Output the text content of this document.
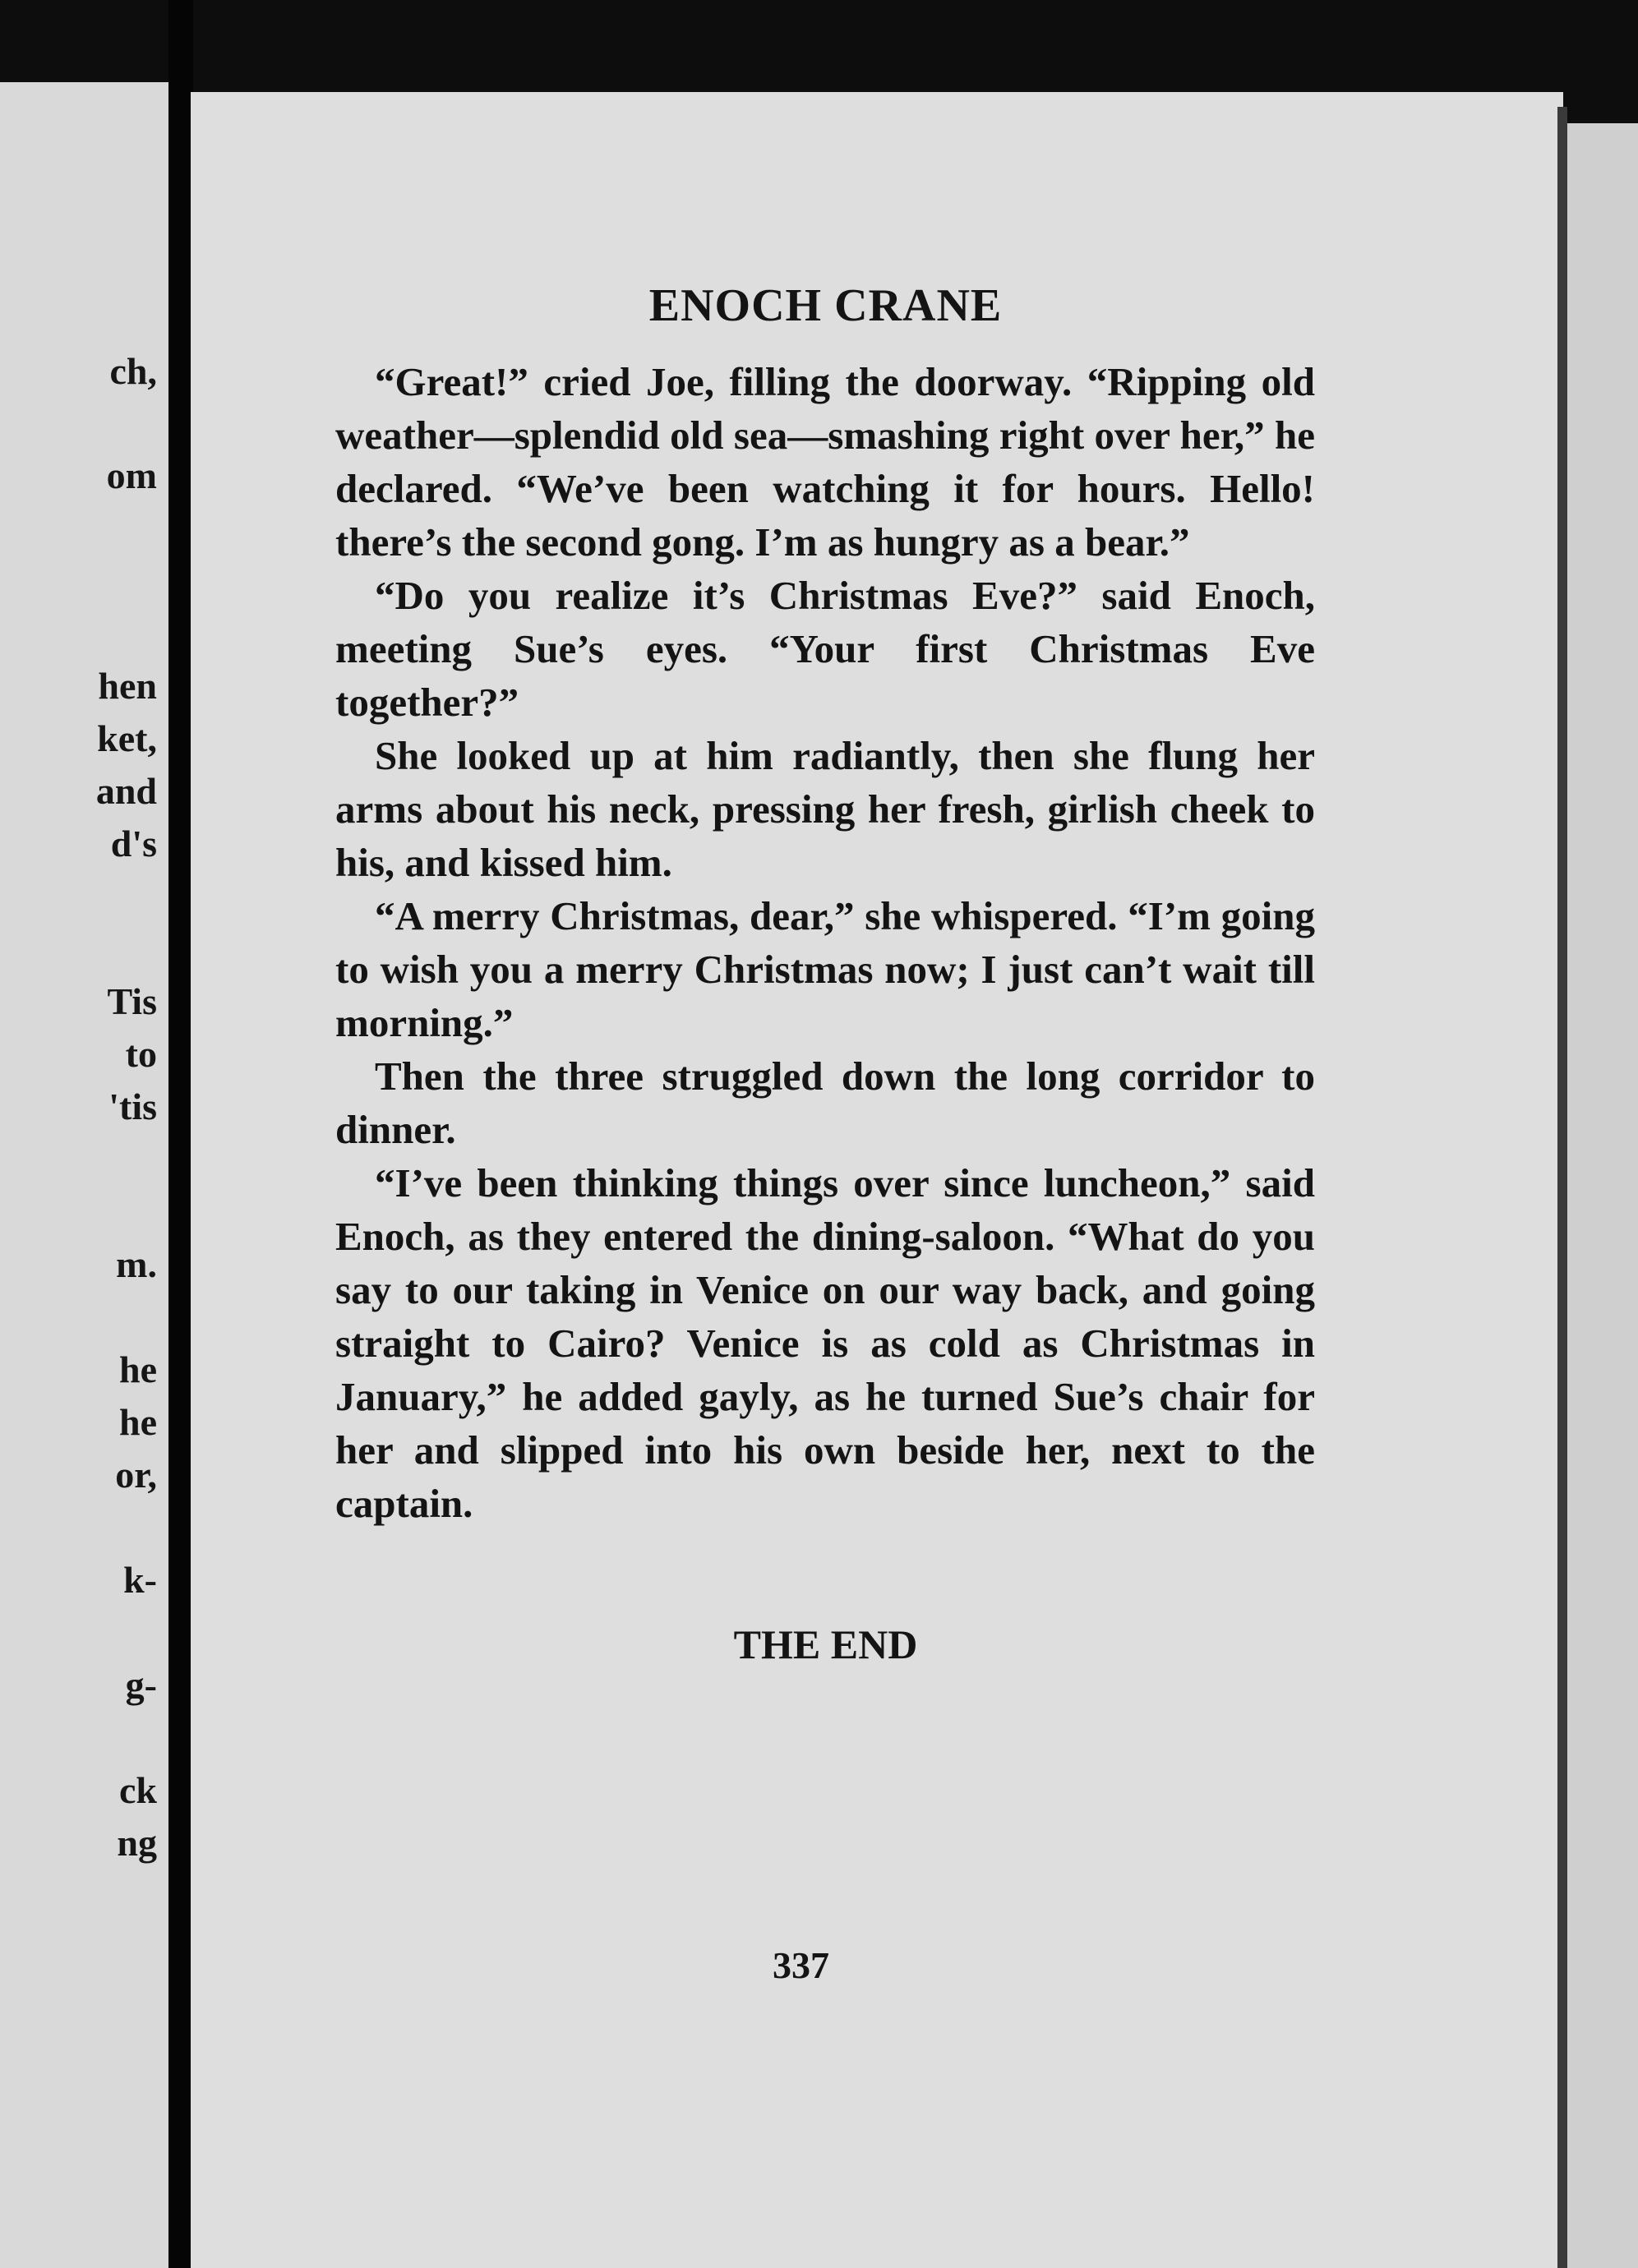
ch,
om
hen
ket,
and
d's
Tis
to
'tis
m.
he
he
or,
k-
g-
ck
ng
ENOCH CRANE

“Great!” cried Joe, filling the doorway. “Ripping old weather—splendid old sea—smashing right over her,” he declared. “We’ve been watching it for hours. Hello! there’s the second gong. I’m as hungry as a bear.”

“Do you realize it’s Christmas Eve?” said Enoch, meeting Sue’s eyes. “Your first Christmas Eve together?”

She looked up at him radiantly, then she flung her arms about his neck, pressing her fresh, girlish cheek to his, and kissed him.

“A merry Christmas, dear,” she whispered. “I’m going to wish you a merry Christmas now; I just can’t wait till morning.”

Then the three struggled down the long corridor to dinner.

“I’ve been thinking things over since luncheon,” said Enoch, as they entered the dining-saloon. “What do you say to our taking in Venice on our way back, and going straight to Cairo? Venice is as cold as Christmas in January,” he added gayly, as he turned Sue’s chair for her and slipped into his own beside her, next to the captain.

THE END
337
